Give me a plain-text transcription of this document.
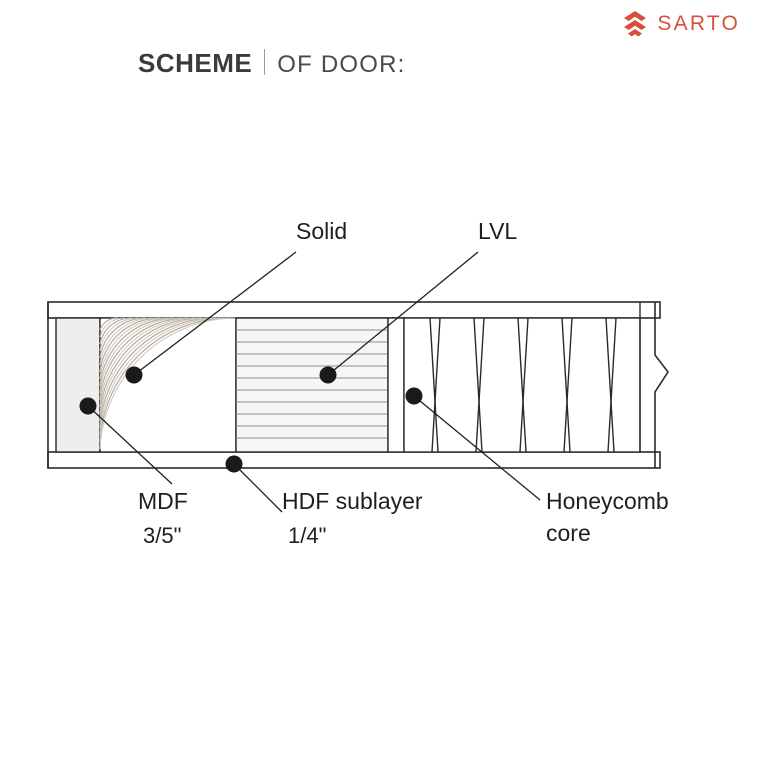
SARTO
SCHEME OF DOOR:
Solid	LVL
MDF
3/5"
HDF sublayer
1/4"
Honeycomb
core
